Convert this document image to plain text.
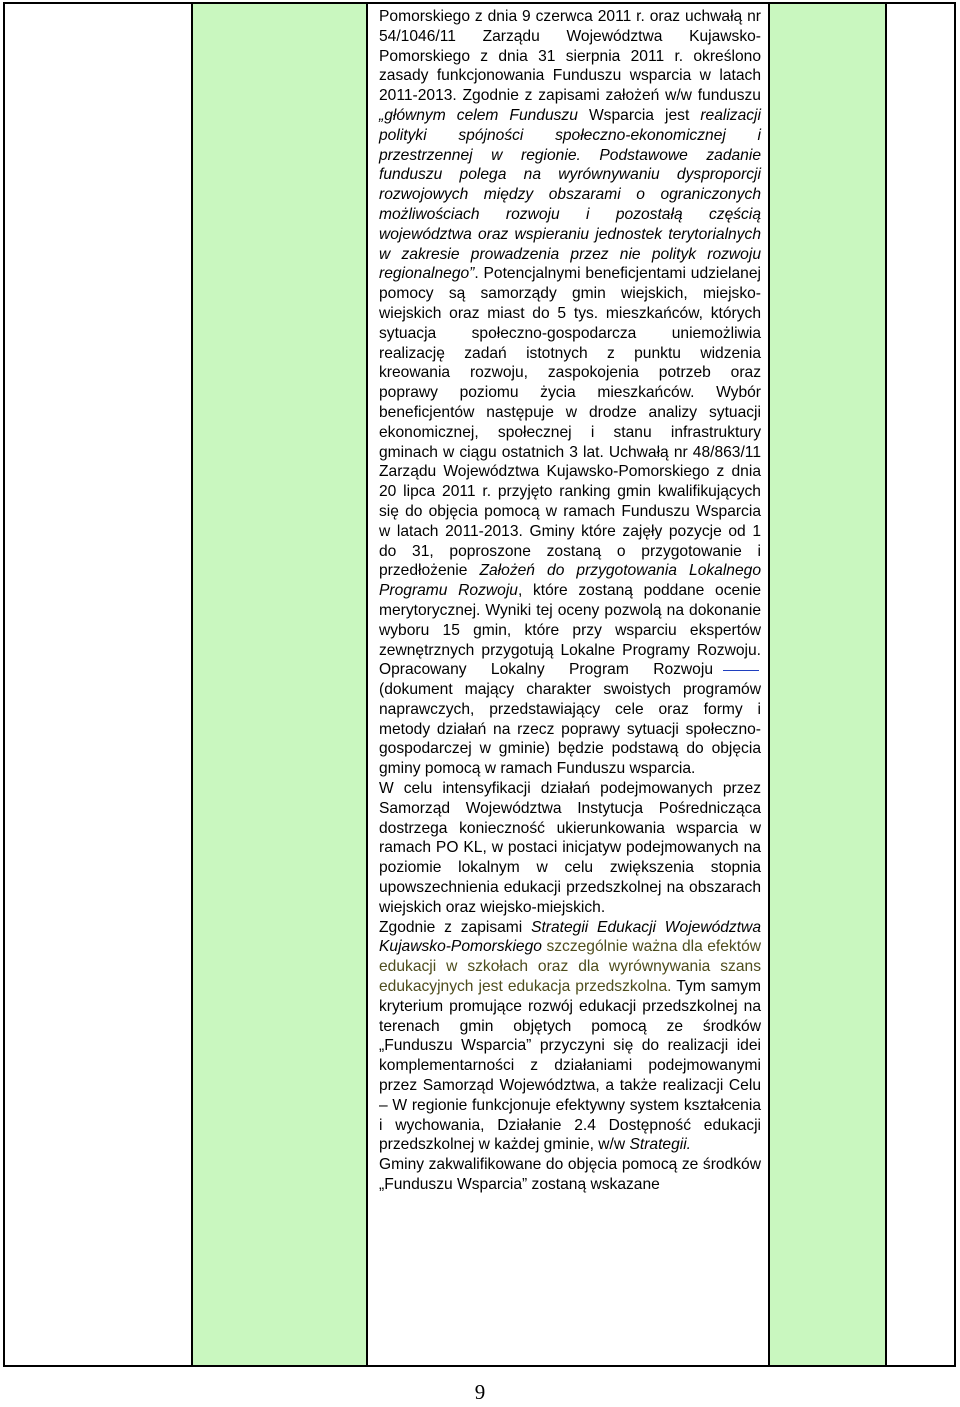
Pomorskiego z dnia 9 czerwca 2011 r. oraz uchwałą nr 54/1046/11 Zarządu Województwa Kujawsko-Pomorskiego z dnia 31 sierpnia 2011 r. określono zasady funkcjonowania Funduszu wsparcia w latach 2011-2013. Zgodnie z zapisami założeń w/w funduszu „głównym celem Funduszu Wsparcia jest realizacji polityki spójności społeczno-ekonomicznej i przestrzennej w regionie. Podstawowe zadanie funduszu polega na wyrównywaniu dysproporcji rozwojowych między obszarami o ograniczonych możliwościach rozwoju i pozostałą częścią województwa oraz wspieraniu jednostek terytorialnych w zakresie prowadzenia przez nie polityk rozwoju regionalnego”. Potencjalnymi beneficjentami udzielanej pomocy są samorządy gmin wiejskich, miejsko-wiejskich oraz miast do 5 tys. mieszkańców, których sytuacja społeczno-gospodarcza uniemożliwia realizację zadań istotnych z punktu widzenia kreowania rozwoju, zaspokojenia potrzeb oraz poprawy poziomu życia mieszkańców. Wybór beneficjentów następuje w drodze analizy sytuacji ekonomicznej, społecznej i stanu infrastruktury gminach w ciągu ostatnich 3 lat. Uchwałą nr 48/863/11 Zarządu Województwa Kujawsko-Pomorskiego z dnia 20 lipca 2011 r. przyjęto ranking gmin kwalifikujących się do objęcia pomocą w ramach Funduszu Wsparcia w latach 2011-2013. Gminy które zajęły pozycje od 1 do 31, poproszone zostaną o przygotowanie i przedłożenie Założeń do przygotowania Lokalnego Programu Rozwoju, które zostaną poddane ocenie merytorycznej. Wyniki tej oceny pozwolą na dokonanie wyboru 15 gmin, które przy wsparciu ekspertów zewnętrznych przygotują Lokalne Programy Rozwoju. Opracowany Lokalny Program Rozwoju(dokument mający charakter swoistych programów naprawczych, przedstawiający cele oraz formy i metody działań na rzecz poprawy sytuacji społeczno-gospodarczej w gminie) będzie podstawą do objęcia gminy pomocą w ramach Funduszu wsparcia.

W celu intensyfikacji działań podejmowanych przez Samorząd Województwa Instytucja Pośrednicząca dostrzega konieczność ukierunkowania wsparcia w ramach PO KL, w postaci inicjatyw podejmowanych na poziomie lokalnym w celu zwiększenia stopnia upowszechnienia edukacji przedszkolnej na obszarach wiejskich oraz wiejsko-miejskich.

Zgodnie z zapisami Strategii Edukacji Województwa Kujawsko-Pomorskiego szczególnie ważna dla efektów edukacji w szkołach oraz dla wyrównywania szans edukacyjnych jest edukacja przedszkolna. Tym samym kryterium promujące rozwój edukacji przedszkolnej na terenach gmin objętych pomocą ze środków „Funduszu Wsparcia” przyczyni się do realizacji idei komplementarności z działaniami podejmowanymi przez Samorząd Województwa, a także realizacji Celu – W regionie funkcjonuje efektywny system kształcenia i wychowania, Działanie 2.4 Dostępność edukacji przedszkolnej w każdej gminie, w/w Strategii.

Gminy zakwalifikowane do objęcia pomocą ze środków „Funduszu Wsparcia” zostaną wskazane

9
